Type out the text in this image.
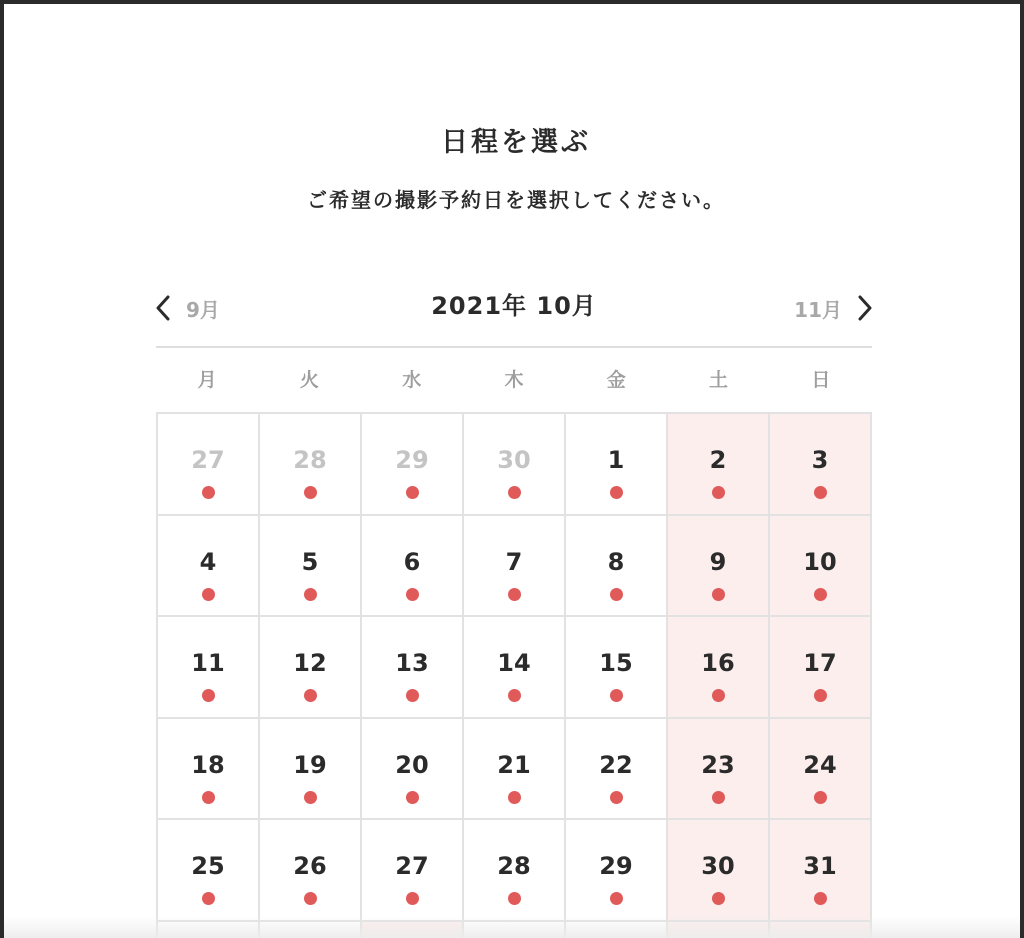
日程を選ぶ
ご希望の撮影予約日を選択してください。
2021年 10月
9月	11月
月	火	水	木	金	土	日
27	28	29	30	1	2	3
4	5	6	7	8	9	10
11	12	13	14	15	16	17
18	19	20	21	22	23	24
25	26	27	28	29	30	31
